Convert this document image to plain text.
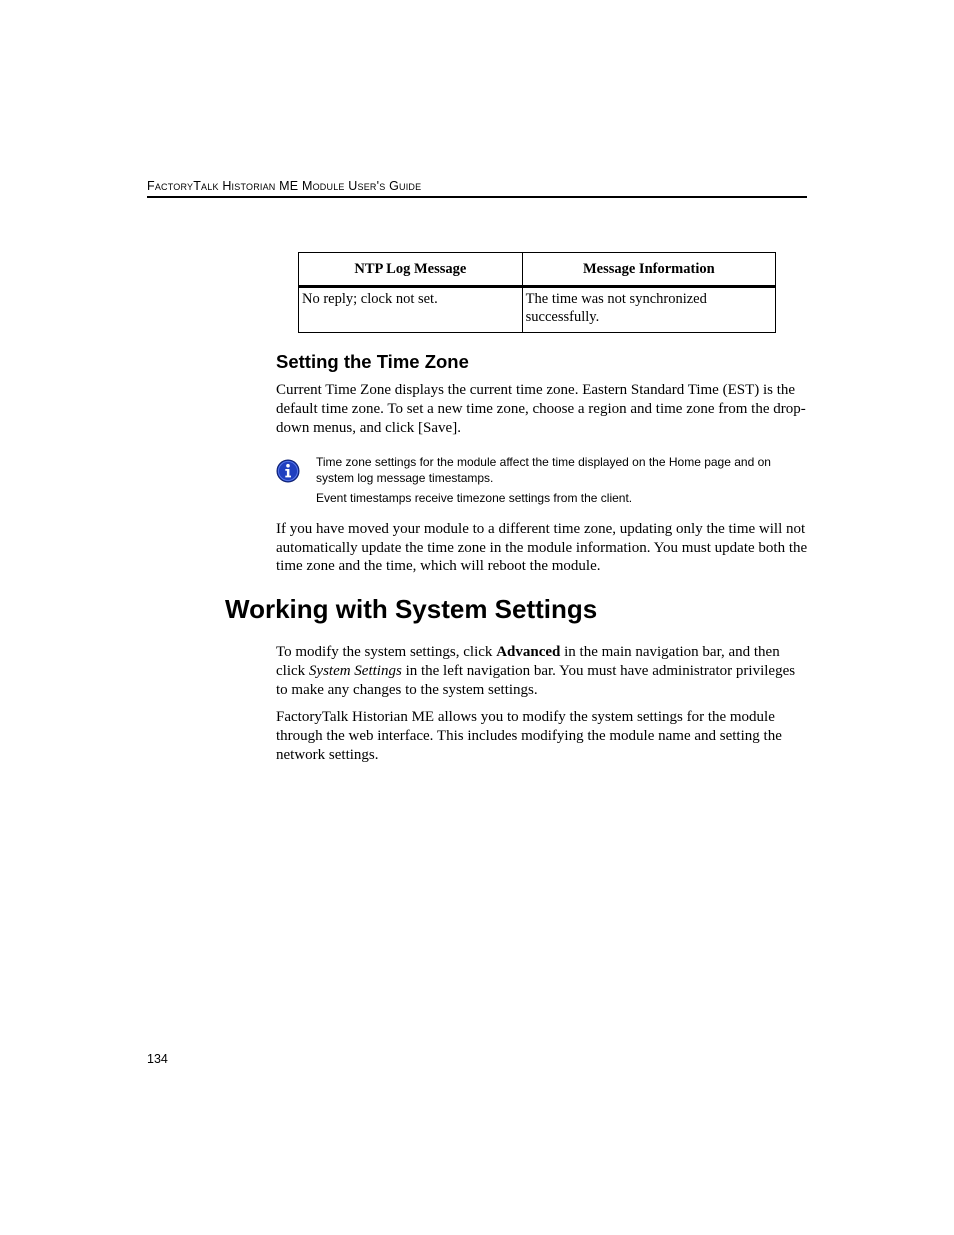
FactoryTalk Historian ME Module User's Guide
NTP Log Message	Message Information
No reply; clock not set.	The time was not synchronized successfully.
Setting the Time Zone

Current Time Zone displays the current time zone. Eastern Standard Time (EST) is the default time zone. To set a new time zone, choose a region and time zone from the drop-down menus, and click [Save].

Time zone settings for the module affect the time displayed on the Home page and on system log message timestamps.

Event timestamps receive timezone settings from the client.

If you have moved your module to a different time zone, updating only the time will not automatically update the time zone in the module information. You must update both the time zone and the time, which will reboot the module.

Working with System Settings

To modify the system settings, click Advanced in the main navigation bar, and then click System Settings in the left navigation bar. You must have administrator privileges to make any changes to the system settings.

FactoryTalk Historian ME allows you to modify the system settings for the module through the web interface. This includes modifying the module name and setting the network settings.

134
